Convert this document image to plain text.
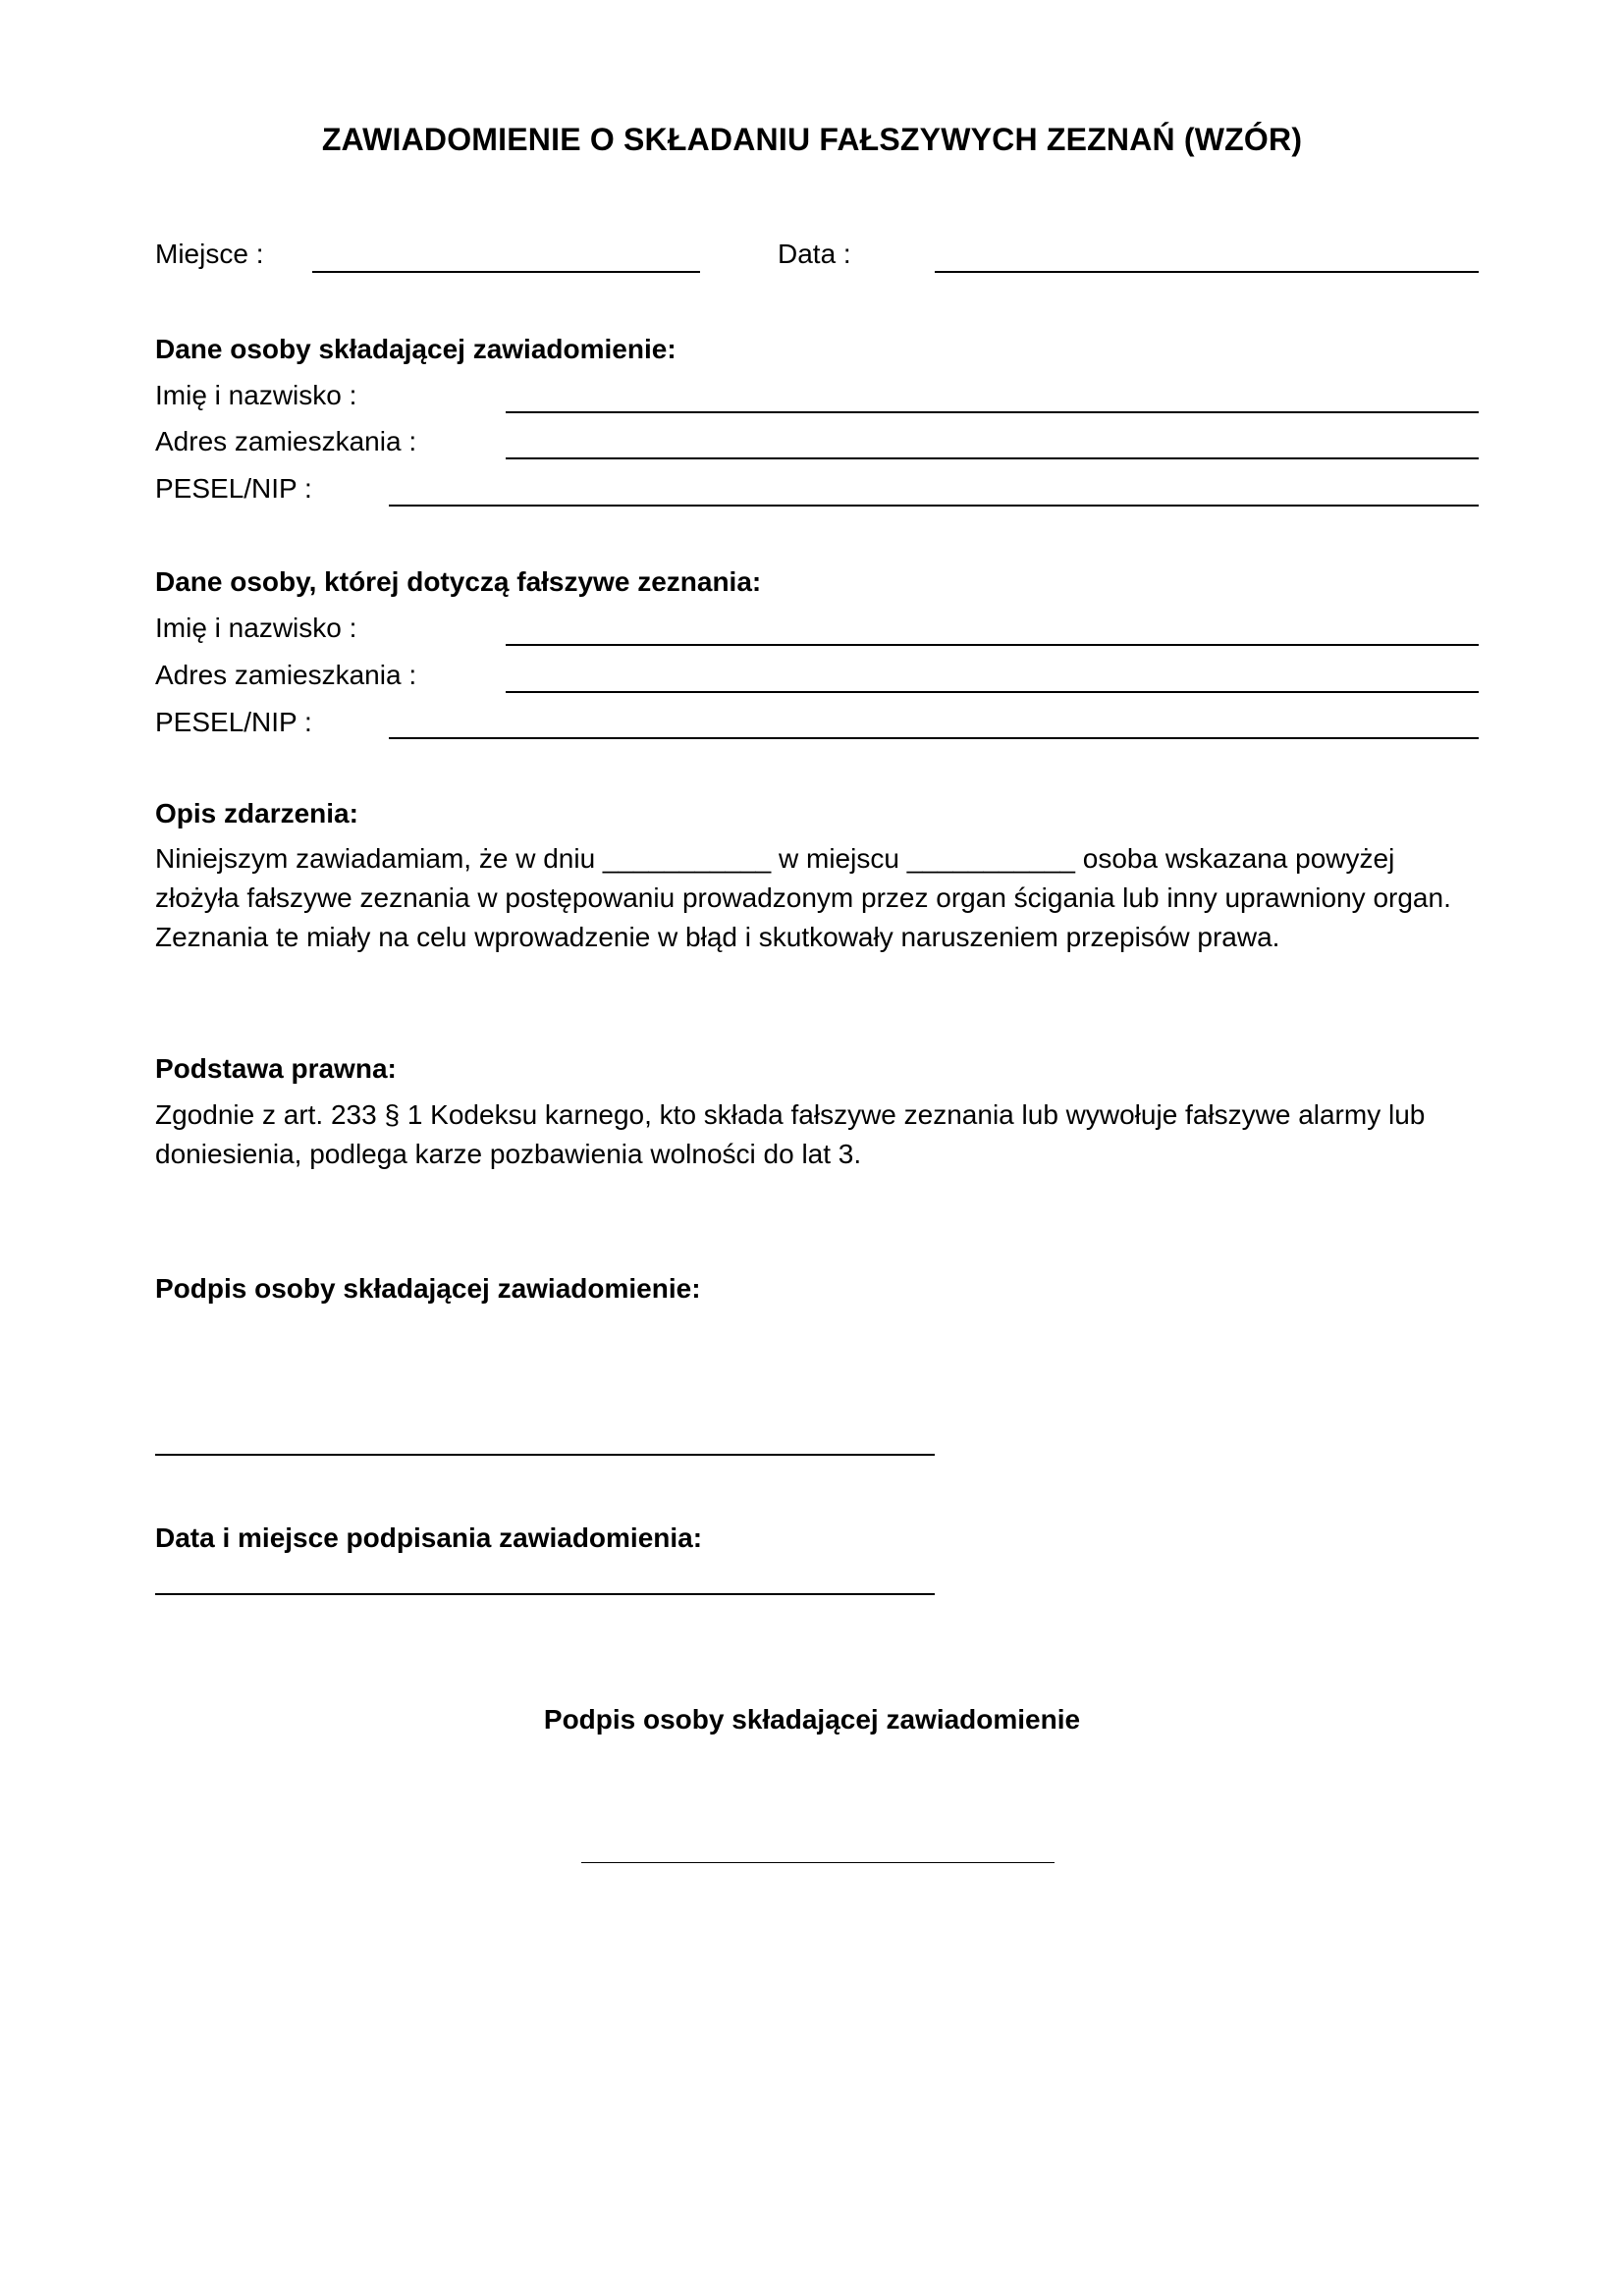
ZAWIADOMIENIE O SKŁADANIU FAŁSZYWYCH ZEZNAŃ (WZÓR)
Miejsce :	Data :
Dane osoby składającej zawiadomienie:
Imię i nazwisko :
Adres zamieszkania :
PESEL/NIP :
Dane osoby, której dotyczą fałszywe zeznania:
Imię i nazwisko :
Adres zamieszkania :
PESEL/NIP :
Opis zdarzenia:

Niniejszym zawiadamiam, że w dniu ___________ w miejscu ___________ osoba wskazana powyżej

złożyła fałszywe zeznania w postępowaniu prowadzonym przez organ ścigania lub inny uprawniony organ.

Zeznania te miały na celu wprowadzenie w błąd i skutkowały naruszeniem przepisów prawa.

Podstawa prawna:

Zgodnie z art. 233 § 1 Kodeksu karnego, kto składa fałszywe zeznania lub wywołuje fałszywe alarmy lub

doniesienia, podlega karze pozbawienia wolności do lat 3.

Podpis osoby składającej zawiadomienie:
Data i miejsce podpisania zawiadomienia:
Podpis osoby składającej zawiadomienie
